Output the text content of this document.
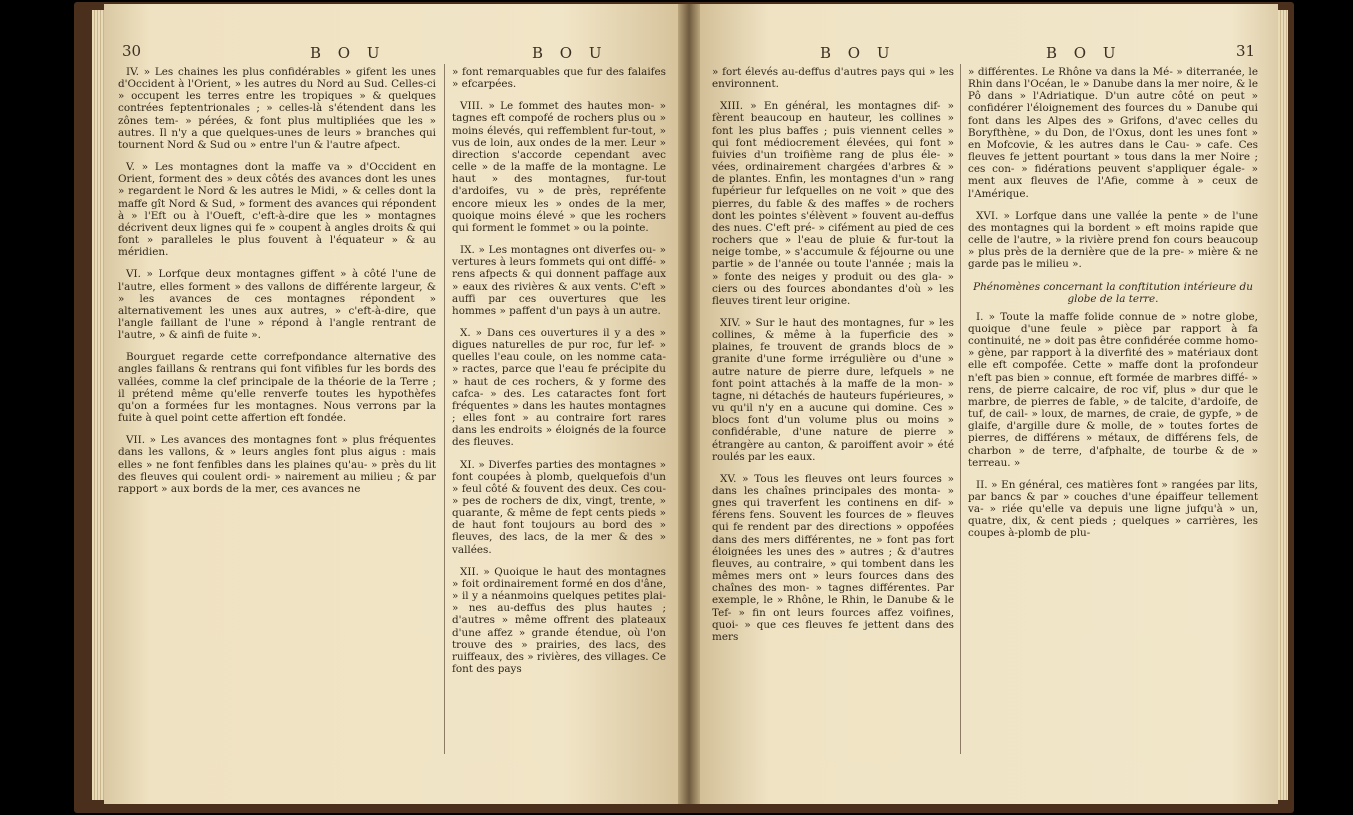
30	B O U	B O U

IV. » Les chaines les plus confidérables » gifent les unes d'Occident à l'Orient, » les autres du Nord au Sud. Celles-ci » occupent les terres entre les tropiques » & quelques contrées feptentrionales ; » celles-là s'étendent dans les zônes tem- » pérées, & font plus multipliées que les » autres. Il n'y a que quelques-unes de leurs » branches qui tournent Nord & Sud ou » entre l'un & l'autre afpect.

V. » Les montagnes dont la maffe va » d'Occident en Orient, forment des » deux côtés des avances dont les unes » regardent le Nord & les autres le Midi, » & celles dont la maffe gît Nord & Sud, » forment des avances qui répondent à » l'Eft ou à l'Oueft, c'eft-à-dire que les » montagnes décrivent deux lignes qui fe » coupent à angles droits & qui font » paralleles le plus fouvent à l'équateur » & au méridien.

VI. » Lorfque deux montagnes giffent » à côté l'une de l'autre, elles forment » des vallons de différente largeur, & » les avances de ces montagnes répondent » alternativement les unes aux autres, » c'eft-à-dire, que l'angle faillant de l'une » répond à l'angle rentrant de l'autre, » & ainfi de fuite ».

Bourguet regarde cette correfpondance alternative des angles faillans & rentrans qui font vifibles fur les bords des vallées, comme la clef principale de la théorie de la Terre ; il prétend même qu'elle renverfe toutes les hypothèfes qu'on a formées fur les montagnes. Nous verrons par la fuite à quel point cette affertion eft fondée.

VII. » Les avances des montagnes font » plus fréquentes dans les vallons, & » leurs angles font plus aigus : mais elles » ne font fenfibles dans les plaines qu'au- » près du lit des fleuves qui coulent ordi- » nairement au milieu ; & par rapport » aux bords de la mer, ces avances ne

» font remarquables que fur des falaifes » efcarpées.

VIII. » Le fommet des hautes mon- » tagnes eft compofé de rochers plus ou » moins élevés, qui reffemblent fur-tout, » vus de loin, aux ondes de la mer. Leur » direction s'accorde cependant avec celle » de la maffe de la montagne. Le haut » des montagnes, fur-tout d'ardoifes, vu » de près, repréfente encore mieux les » ondes de la mer, quoique moins élevé » que les rochers qui forment le fommet » ou la pointe.

IX. » Les montagnes ont diverfes ou- » vertures à leurs fommets qui ont diffé- » rens afpects & qui donnent paffage aux » eaux des rivières & aux vents. C'eft » auffi par ces ouvertures que les hommes » paffent d'un pays à un autre.

X. » Dans ces ouvertures il y a des » digues naturelles de pur roc, fur lef- » quelles l'eau coule, on les nomme cata- » ractes, parce que l'eau fe précipite du » haut de ces rochers, & y forme des cafca- » des. Les cataractes font fort fréquentes » dans les hautes montagnes ; elles font » au contraire fort rares dans les endroits » éloignés de la fource des fleuves.

XI. » Diverfes parties des montagnes » font coupées à plomb, quelquefois d'un » feul côté & fouvent des deux. Ces cou- » pes de rochers de dix, vingt, trente, » quarante, & même de fept cents pieds » de haut font toujours au bord des » fleuves, des lacs, de la mer & des » vallées.

XII. » Quoique le haut des montagnes » foit ordinairement formé en dos d'âne, » il y a néanmoins quelques petites plai- » nes au-deffus des plus hautes ; d'autres » même offrent des plateaux d'une affez » grande étendue, où l'on trouve des » prairies, des lacs, des ruiffeaux, des » rivières, des villages. Ce font des pays

B O U	B O U	31

» fort élevés au-deffus d'autres pays qui » les environnent.

XIII. » En général, les montagnes dif- » fèrent beaucoup en hauteur, les collines » font les plus baffes ; puis viennent celles » qui font médiocrement élevées, qui font » fuivies d'un troifième rang de plus éle- » vées, ordinairement chargées d'arbres & » de plantes. Enfin, les montagnes d'un » rang fupérieur fur lefquelles on ne voit » que des pierres, du fable & des maffes » de rochers dont les pointes s'élèvent » fouvent au-deffus des nues. C'eft pré- » cifément au pied de ces rochers que » l'eau de pluie & fur-tout la neige tombe, » s'accumule & féjourne ou une partie » de l'année ou toute l'année ; mais la » fonte des neiges y produit ou des gla- » ciers ou des fources abondantes d'où » les fleuves tirent leur origine.

XIV. » Sur le haut des montagnes, fur » les collines, & même à la fuperficie des » plaines, fe trouvent de grands blocs de » granite d'une forme irrégulière ou d'une » autre nature de pierre dure, lefquels » ne font point attachés à la maffe de la mon- » tagne, ni détachés de hauteurs fupérieures, » vu qu'il n'y en a aucune qui domine. Ces » blocs font d'un volume plus ou moins » confidérable, d'une nature de pierre » étrangère au canton, & paroiffent avoir » été roulés par les eaux.

XV. » Tous les fleuves ont leurs fources » dans les chaînes principales des monta- » gnes qui traverfent les continens en dif- » férens fens. Souvent les fources de » fleuves qui fe rendent par des directions » oppofées dans des mers différentes, ne » font pas fort éloignées les unes des » autres ; & d'autres fleuves, au contraire, » qui tombent dans les mêmes mers ont » leurs fources dans des chaînes des mon- » tagnes différentes. Par exemple, le » Rhône, le Rhin, le Danube & le Tef- » fin ont leurs fources affez voifines, quoi- » que ces fleuves fe jettent dans des mers

» différentes. Le Rhône va dans la Mé- » diterranée, le Rhin dans l'Océan, le » Danube dans la mer noire, & le Pô dans » l'Adriatique. D'un autre côté on peut » confidérer l'éloignement des fources du » Danube qui font dans les Alpes des » Grifons, d'avec celles du Boryfthène, » du Don, de l'Oxus, dont les unes font » en Mofcovie, & les autres dans le Cau- » cafe. Ces fleuves fe jettent pourtant » tous dans la mer Noire ; ces con- » fidérations peuvent s'appliquer égale- » ment aux fleuves de l'Afie, comme à » ceux de l'Amérique.

XVI. » Lorfque dans une vallée la pente » de l'une des montagnes qui la bordent » eft moins rapide que celle de l'autre, » la rivière prend fon cours beaucoup » plus près de la dernière que de la pre- » mière & ne garde pas le milieu ».

Phénomènes concernant la conftitution intérieure du globe de la terre.

I. » Toute la maffe folide connue de » notre globe, quoique d'une feule » pièce par rapport à fa continuité, ne » doit pas être confidérée comme homo- » gène, par rapport à la diverfité des » matériaux dont elle eft compofée. Cette » maffe dont la profondeur n'eft pas bien » connue, eft formée de marbres diffé- » rens, de pierre calcaire, de roc vif, plus » dur que le marbre, de pierres de fable, » de talcite, d'ardoife, de tuf, de cail- » loux, de marnes, de craie, de gypfe, » de glaife, d'argille dure & molle, de » toutes fortes de pierres, de différens » métaux, de différens fels, de charbon » de terre, d'afphalte, de tourbe & de » terreau. »

II. » En général, ces matières font » rangées par lits, par bancs & par » couches d'une épaiffeur tellement va- » riée qu'elle va depuis une ligne jufqu'à » un, quatre, dix, & cent pieds ; quelques » carrières, les coupes à-plomb de plu-
